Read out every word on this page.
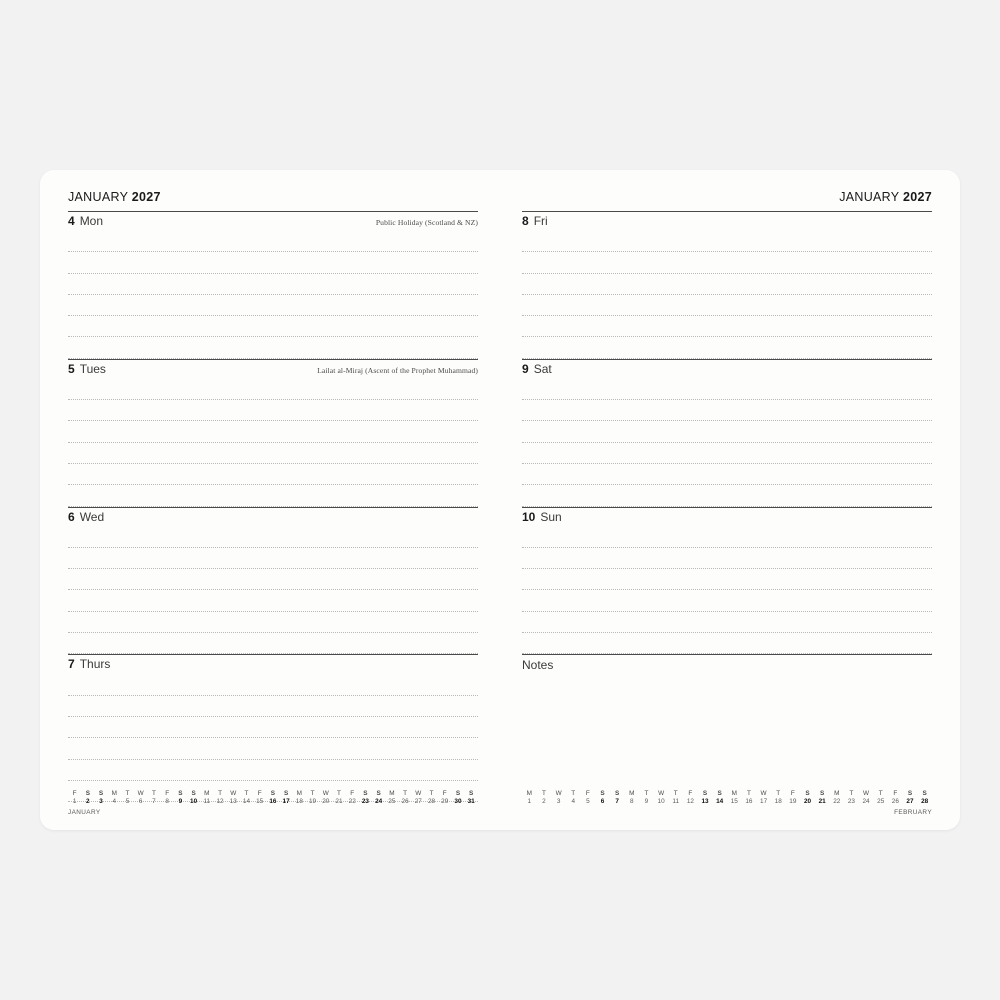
JANUARY 2027
4 Mon	Public Holiday (Scotland & NZ)
5 Tues	Lailat al-Miraj (Ascent of the Prophet Muhammad)
6 Wed
7 Thurs
F	S	S	M	T	W	T	F	S	S	M	T	W	T	F	S	S	M	T	W	T	F	S	S	M	T	W	T	F	S	S
1	2	3	4	5	6	7	8	9	10 11 12 13 14 15 16 17 18 19 20 21 22 23 24 25 26 27 28 29 30 31
JANUARY
JANUARY 2027
8 Fri
9 Sat
10 Sun
Notes
M	T	W	T	F	S	S	M	T	W	T	F	S	S	M	T	W	T	F	S	S	M	T	W	T	F	S	S
1	2	3	4	5	6	7	8	9	10	11	12	13	14	15	16	17	18	19	20	21	22	23	24	25	26	27	28
FEBRUARY
